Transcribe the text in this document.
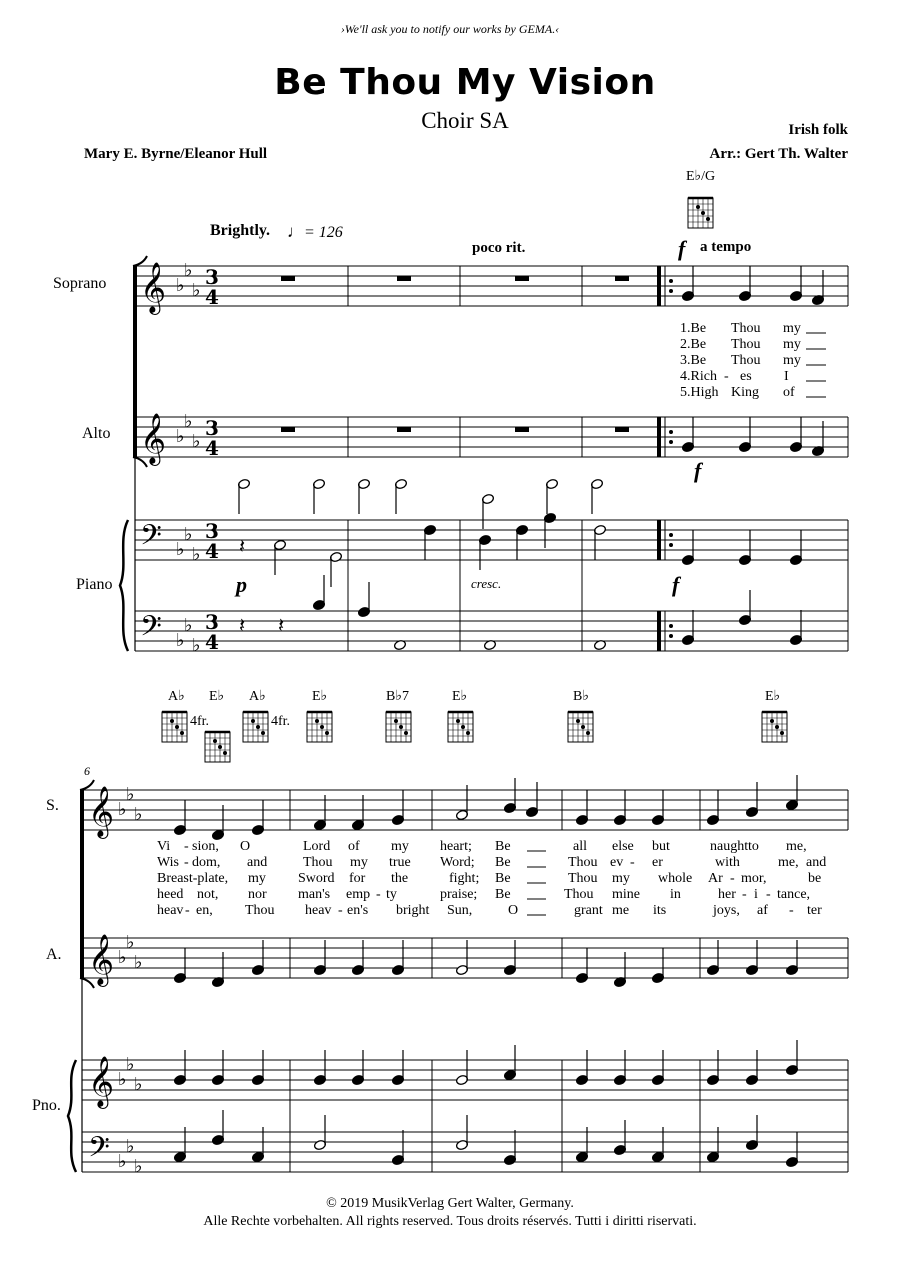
›We'll ask you to notify our works by GEMA.‹
Be Thou My Vision
Choir SA
Mary E. Byrne/Eleanor Hull
Irish folk
Arr.: Gert Th. Walter
Brightly. ♩= 126
poco rit.	a tempo
f
f
p	f
cresc.
Soprano
Alto
Piano
S.
A.
Pno.
6
E♭/G
A♭ E♭ A♭	E♭	B♭7	E♭	B♭	E♭
4fr.	4fr.
1.Be Thou my
2.Be Thou my
3.Be Thou my
4.Rich - es I
5.High King of
Vi - sion, O	Lord of my heart; Be	all else but	naught to me,
Wis - dom, and	Thou my true Word; Be	Thou ev - er	with	me, and
Breast-plate, my Sword for the	fight; Be	Thou my whole Ar - mor,	be
heed not, nor man's emp - ty	praise; Be	Thou mine in	her - i - tance,
heav - en, Thou heav - en's bright Sun,	O	grant me its	joys, af - ter
𝄞 ♭
♭
♭
3
4
𝄞 ♭
♭
♭
3
4
𝄢 ♭
♭
♭
3
4
𝄢 ♭
♭
♭
3
4
𝄽
𝄽 𝄽
𝄞 ♭
♭
♭
𝄞 ♭
♭
♭
𝄞 ♭
♭
♭
𝄢 ♭
♭
♭
© 2019 MusikVerlag Gert Walter, Germany.
Alle Rechte vorbehalten. All rights reserved. Tous droits réservés. Tutti i diritti riservati.
